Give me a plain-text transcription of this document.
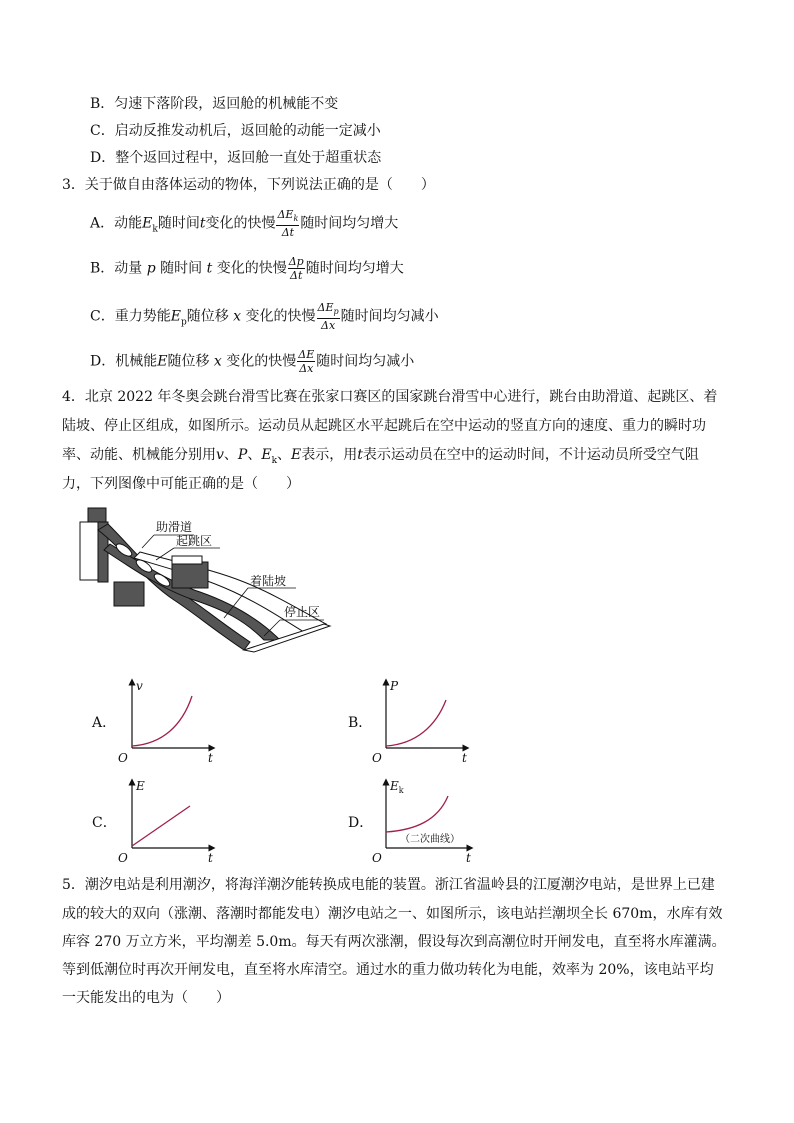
B．匀速下落阶段，返回舱的机械能不变
C．启动反推发动机后，返回舱的动能一定减小
D．整个返回过程中，返回舱一直处于超重状态
3．关于做自由落体运动的物体，下列说法正确的是（　　）
A．动能$E_k$随时间t变化的快慢 $\frac{\Delta E_k}{\Delta t}$ 随时间均匀增大
B．动量 p 随时间 t 变化的快慢 $\frac{\Delta p}{\Delta t}$ 随时间均匀增大
C．重力势能$E_p$随位移 x 变化的快慢 $\frac{\Delta E_p}{\Delta x}$ 随时间均匀减小
D．机械能E随位移 x 变化的快慢 $\frac{\Delta E}{\Delta x}$ 随时间均匀减小
4．北京 2022 年冬奥会跳台滑雪比赛在张家口赛区的国家跳台滑雪中心进行，跳台由助滑道、起跳区、着
陆坡、停止区组成，如图所示。运动员从起跳区水平起跳后在空中运动的竖直方向的速度、重力的瞬时功
率、动能、机械能分别用v、P、$E_k$、E表示，用t表示运动员在空中的运动时间，不计运动员所受空气阻
力，下列图像中可能正确的是（　　）
助滑道
起跳区
着陆坡
停止区
A．
v
t
O
B．
P
t
O
C．
E
t
O
D．
$E_k$
（二次曲线）
t
O
5．潮汐电站是利用潮汐，将海洋潮汐能转换成电能的装置。浙江省温岭县的江厦潮汐电站，是世界上已建
成的较大的双向（涨潮、落潮时都能发电）潮汐电站之一、如图所示，该电站拦潮坝全长 670m，水库有效
库容 270 万立方米，平均潮差 5.0m。每天有两次涨潮，假设每次到高潮位时开闸发电，直至将水库灌满。
等到低潮位时再次开闸发电，直至将水库清空。通过水的重力做功转化为电能，效率为 20%，该电站平均
一天能发出的电为（　　）
